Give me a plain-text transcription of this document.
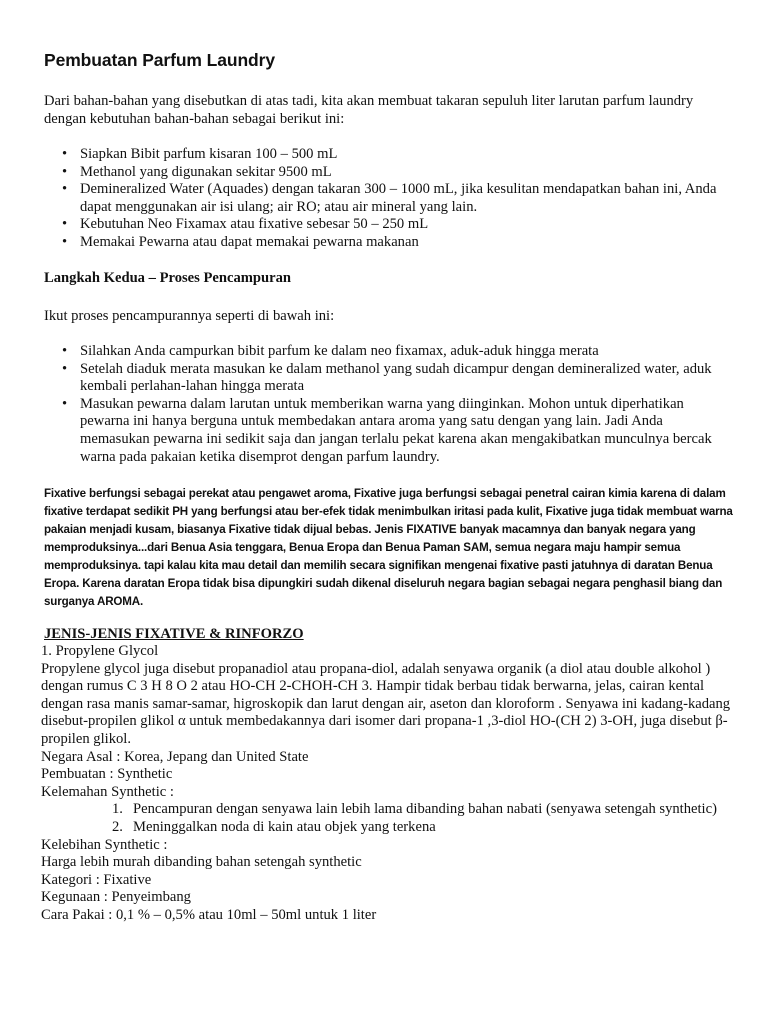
Pembuatan Parfum Laundry

Dari bahan-bahan yang disebutkan di atas tadi, kita akan membuat takaran sepuluh liter larutan parfum laundry dengan kebutuhan bahan-bahan sebagai berikut ini:

• Siapkan Bibit parfum kisaran 100 – 500 mL
• Methanol yang digunakan sekitar 9500 mL
• Demineralized Water (Aquades) dengan takaran 300 – 1000 mL, jika kesulitan mendapatkan bahan ini, Anda dapat menggunakan air isi ulang; air RO; atau air mineral yang lain.
• Kebutuhan Neo Fixamax atau fixative sebesar 50 – 250 mL
• Memakai Pewarna atau dapat memakai pewarna makanan
Langkah Kedua – Proses Pencampuran

Ikut proses pencampurannya seperti di bawah ini:

• Silahkan Anda campurkan bibit parfum ke dalam neo fixamax, aduk-aduk hingga merata
• Setelah diaduk merata masukan ke dalam methanol yang sudah dicampur dengan demineralized water, aduk kembali perlahan-lahan hingga merata
• Masukan pewarna dalam larutan untuk memberikan warna yang diinginkan. Mohon untuk diperhatikan pewarna ini hanya berguna untuk membedakan antara aroma yang satu dengan yang lain. Jadi Anda memasukan pewarna ini sedikit saja dan jangan terlalu pekat karena akan mengakibatkan munculnya bercak warna pada pakaian ketika disemprot dengan parfum laundry.

Fixative berfungsi sebagai perekat atau pengawet aroma, Fixative juga berfungsi sebagai penetral cairan kimia karena di dalam fixative terdapat sedikit PH yang berfungsi atau ber-efek tidak menimbulkan iritasi pada kulit, Fixative juga tidak membuat warna pakaian menjadi kusam, biasanya Fixative tidak dijual bebas. Jenis FIXATIVE banyak macamnya dan banyak negara yang memproduksinya...dari Benua Asia tenggara, Benua Eropa dan Benua Paman SAM, semua negara maju hampir semua memproduksinya. tapi kalau kita mau detail dan memilih secara signifikan mengenai fixative pasti jatuhnya di daratan Benua Eropa. Karena daratan Eropa tidak bisa dipungkiri sudah dikenal diseluruh negara bagian sebagai negara penghasil biang dan surganya AROMA.

JENIS-JENIS FIXATIVE & RINFORZO

1. Propylene Glycol

Propylene glycol juga disebut propanadiol atau propana-diol, adalah senyawa organik (a diol atau double alkohol ) dengan rumus C 3 H 8 O 2 atau HO-CH 2-CHOH-CH 3. Hampir tidak berbau tidak berwarna, jelas, cairan kental dengan rasa manis samar-samar, higroskopik dan larut dengan air, aseton dan kloroform . Senyawa ini kadang-kadang disebut-propilen glikol α untuk membedakannya dari isomer dari propana-1 ,3-diol HO-(CH 2) 3-OH, juga disebut β-propilen glikol.

Negara Asal : Korea, Jepang dan United State

Pembuatan : Synthetic

Kelemahan Synthetic :

1. Pencampuran dengan senyawa lain lebih lama dibanding bahan nabati (senyawa setengah synthetic)
2. Meninggalkan noda di kain atau objek yang terkena

Kelebihan Synthetic :

Harga lebih murah dibanding bahan setengah synthetic

Kategori : Fixative

Kegunaan : Penyeimbang

Cara Pakai : 0,1 % – 0,5% atau 10ml – 50ml untuk 1 liter
